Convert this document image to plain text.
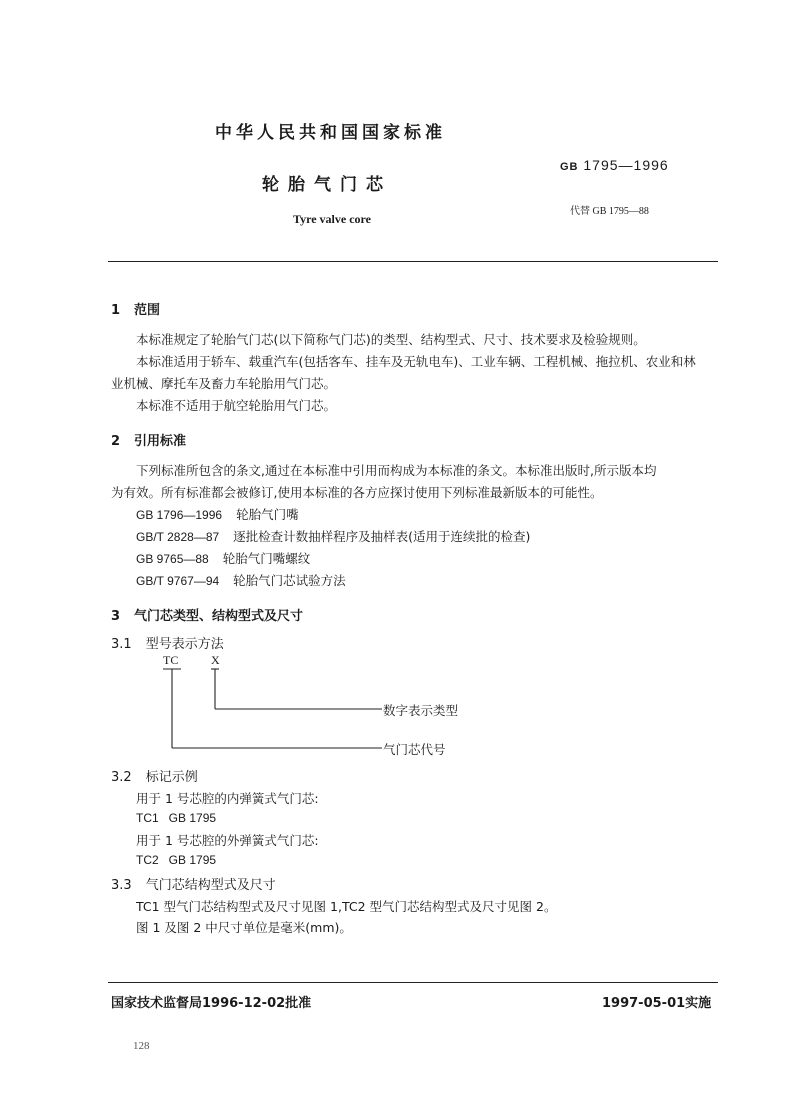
中华人民共和国国家标准
轮胎气门芯
Tyre valve core
GB 1795—1996
代替 GB 1795—88
1 范围
本标准规定了轮胎气门芯(以下简称气门芯)的类型、结构型式、尺寸、技术要求及检验规则。
本标准适用于轿车、载重汽车(包括客车、挂车及无轨电车)、工业车辆、工程机械、拖拉机、农业和林
业机械、摩托车及畜力车轮胎用气门芯。
本标准不适用于航空轮胎用气门芯。
2 引用标准
下列标准所包含的条文,通过在本标准中引用而构成为本标准的条文。本标准出版时,所示版本均
为有效。所有标准都会被修订,使用本标准的各方应探讨使用下列标准最新版本的可能性。
GB 1796—1996 轮胎气门嘴
GB/T 2828—87 逐批检查计数抽样程序及抽样表(适用于连续批的检查)
GB 9765—88 轮胎气门嘴螺纹
GB/T 9767—94 轮胎气门芯试验方法
3 气门芯类型、结构型式及尺寸
3.1 型号表示方法
TC	X
数字表示类型
气门芯代号
3.2 标记示例
用于 1 号芯腔的内弹簧式气门芯:
TC1   GB 1795
用于 1 号芯腔的外弹簧式气门芯:
TC2   GB 1795
3.3 气门芯结构型式及尺寸
TC1 型气门芯结构型式及尺寸见图 1,TC2 型气门芯结构型式及尺寸见图 2。
图 1 及图 2 中尺寸单位是毫米(mm)。
国家技术监督局1996-12-02批准	1997-05-01实施
128
